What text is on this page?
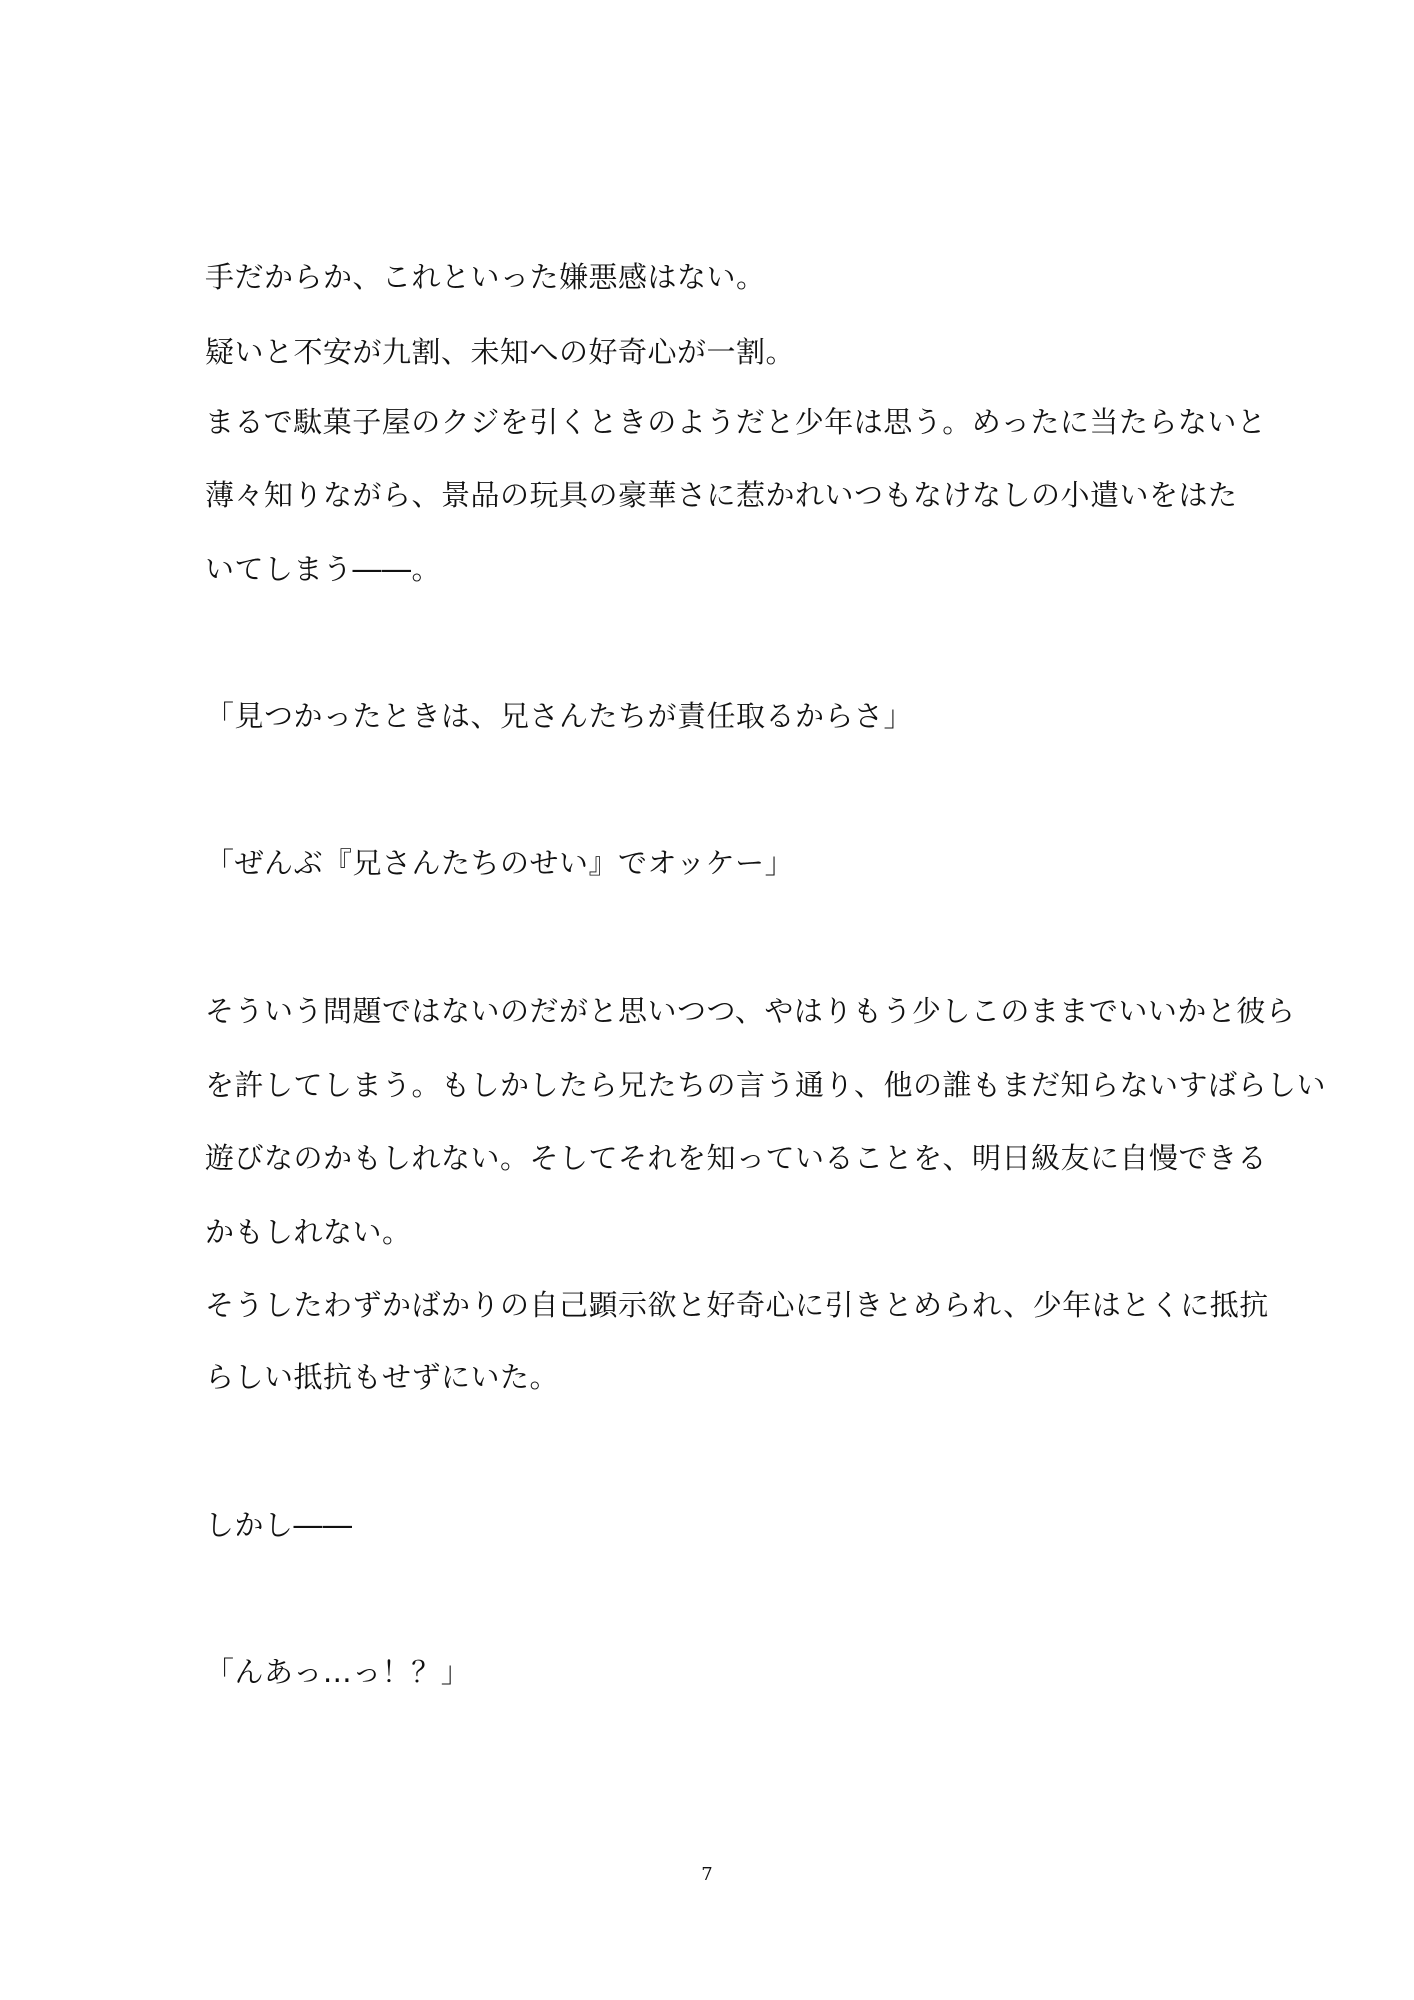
手だからか、これといった嫌悪感はない。
疑いと不安が九割、未知への好奇心が一割。
まるで駄菓子屋のクジを引くときのようだと少年は思う。めったに当たらないと
薄々知りながら、景品の玩具の豪華さに惹かれいつもなけなしの小遣いをはた
いてしまう――。
「見つかったときは、兄さんたちが責任取るからさ」
「ぜんぶ『兄さんたちのせい』でオッケー」
そういう問題ではないのだがと思いつつ、やはりもう少しこのままでいいかと彼ら
を許してしまう。もしかしたら兄たちの言う通り、他の誰もまだ知らないすばらしい
遊びなのかもしれない。そしてそれを知っていることを、明日級友に自慢できる
かもしれない。
そうしたわずかばかりの自己顕示欲と好奇心に引きとめられ、少年はとくに抵抗
らしい抵抗もせずにいた。
しかし――
「んあっ…っ！？」
7
